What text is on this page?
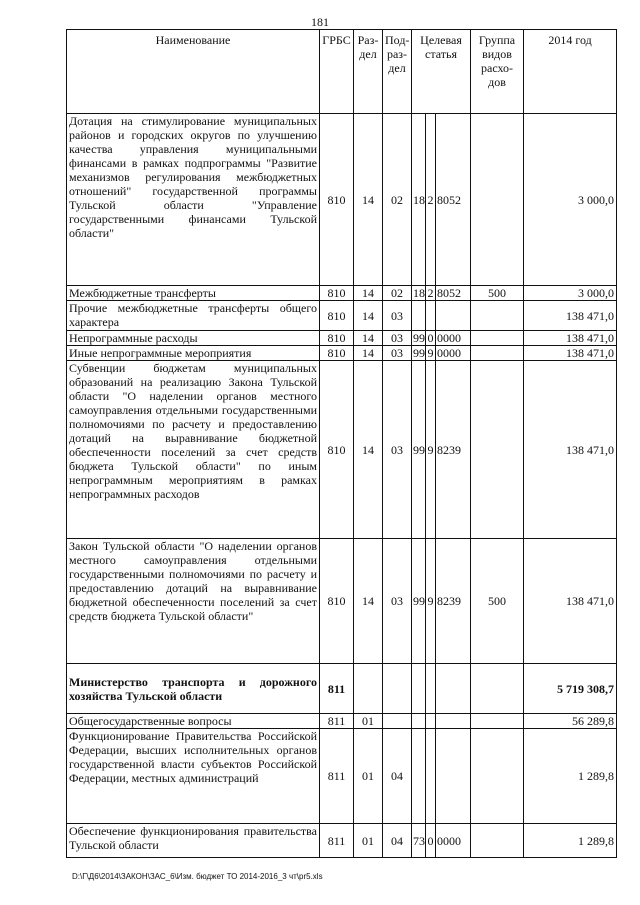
181
Наименование	ГРБС	Раз-дел	Под-раз-дел	Целевая статья			Группа видов расхо-дов	2014 год
Дотация на стимулирование муниципальных районов и городских округов по улучшению качества управления муниципальными финансами в рамках подпрограммы "Развитие механизмов регулирования межбюджетных отношений" государственной программы Тульской области "Управление государственными финансами Тульской области"	810	14	02	18	2	8052		3 000,0
Межбюджетные трансферты	810	14	02	18	2	8052	500	3 000,0
Прочие межбюджетные трансферты общего характера	810	14	03					138 471,0
Непрограммные расходы	810	14	03	99	0	0000		138 471,0
Иные непрограммные мероприятия	810	14	03	99	9	0000		138 471,0
Субвенции бюджетам муниципальных образований на реализацию Закона Тульской области "О наделении органов местного самоуправления отдельными государственными полномочиями по расчету и предоставлению дотаций на выравнивание бюджетной обеспеченности поселений за счет средств бюджета Тульской области" по иным непрограммным мероприятиям в рамках непрограммных расходов	810	14	03	99	9	8239		138 471,0
Закон Тульской области "О наделении органов местного самоуправления отдельными государственными полномочиями по расчету и предоставлению дотаций на выравнивание бюджетной обеспеченности поселений за счет средств бюджета Тульской области"	810	14	03	99	9	8239	500	138 471,0
Министерство транспорта и дорожного хозяйства Тульской области	811							5 719 308,7
Общегосударственные вопросы	811	01						56 289,8
Функционирование Правительства Российской Федерации, высших исполнительных органов государственной власти субъектов Российской Федерации, местных администраций	811	01	04					1 289,8
Обеспечение функционирования правительства Тульской области	811	01	04	73	0	0000		1 289,8
D:\Г\Д6\2014\ЗАКОН\ЗАС_6\Изм. бюджет ТО 2014-2016_3 чт\pr5.xls
